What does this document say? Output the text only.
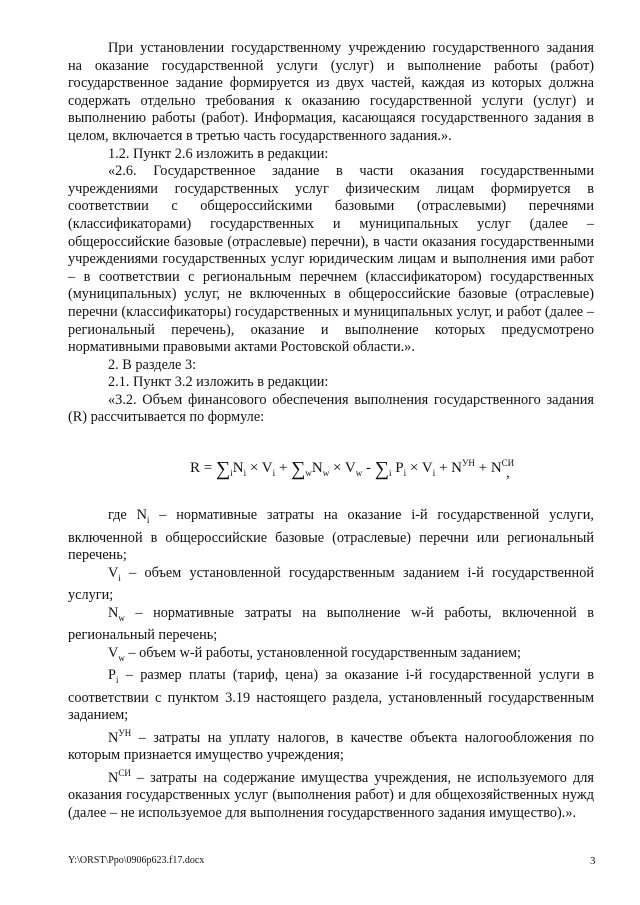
При установлении государственному учреждению государственного задания на оказание государственной услуги (услуг) и выполнение работы (работ) государственное задание формируется из двух частей, каждая из которых должна содержать отдельно требования к оказанию государственной услуги (услуг) и выполнению работы (работ). Информация, касающаяся государственного задания в целом, включается в третью часть государственного задания.».

1.2. Пункт 2.6 изложить в редакции:

«2.6. Государственное задание в части оказания государственными учреждениями государственных услуг физическим лицам формируется в соответствии с общероссийскими базовыми (отраслевыми) перечнями (классификаторами) государственных и муниципальных услуг (далее – общероссийские базовые (отраслевые) перечни), в части оказания государственными учреждениями государственных услуг юридическим лицам и выполнения ими работ – в соответствии с региональным перечнем (классификатором) государственных (муниципальных) услуг, не включенных в общероссийские базовые (отраслевые) перечни (классификаторы) государственных и муниципальных услуг, и работ (далее – региональный перечень), оказание и выполнение которых предусмотрено нормативными правовыми актами Ростовской области.».

2. В разделе 3:

2.1. Пункт 3.2 изложить в редакции:

«3.2. Объем финансового обеспечения выполнения государственного задания (R) рассчитывается по формуле:

$R = \sum_iN_i \times V_i + \sum_wN_w \times V_w - \sum_i$ $P_i \times V_i + N^{УН} + N^{СИ}$
,

где $N_i$ – нормативные затраты на оказание i-й государственной услуги, включенной в общероссийские базовые (отраслевые) перечни или региональный перечень;

$V_i$ – объем установленной государственным заданием i-й государственной услуги;

$N_w$ – нормативные затраты на выполнение w-й работы, включенной в региональный перечень;

$V_w$ – объем w-й работы, установленной государственным заданием;

$P_i$ – размер платы (тариф, цена) за оказание i-й государственной услуги в соответствии с пунктом 3.19 настоящего раздела, установленный государственным заданием;

$N^{УН}$ – затраты на уплату налогов, в качестве объекта налогообложения по которым признается имущество учреждения;

$N^{СИ}$ – затраты на содержание имущества учреждения, не используемого для оказания государственных услуг (выполнения работ) и для общехозяйственных нужд (далее – не используемое для выполнения государственного задания имущество).».

Y:\ORST\Ppo\0906p623.f17.docx	3
